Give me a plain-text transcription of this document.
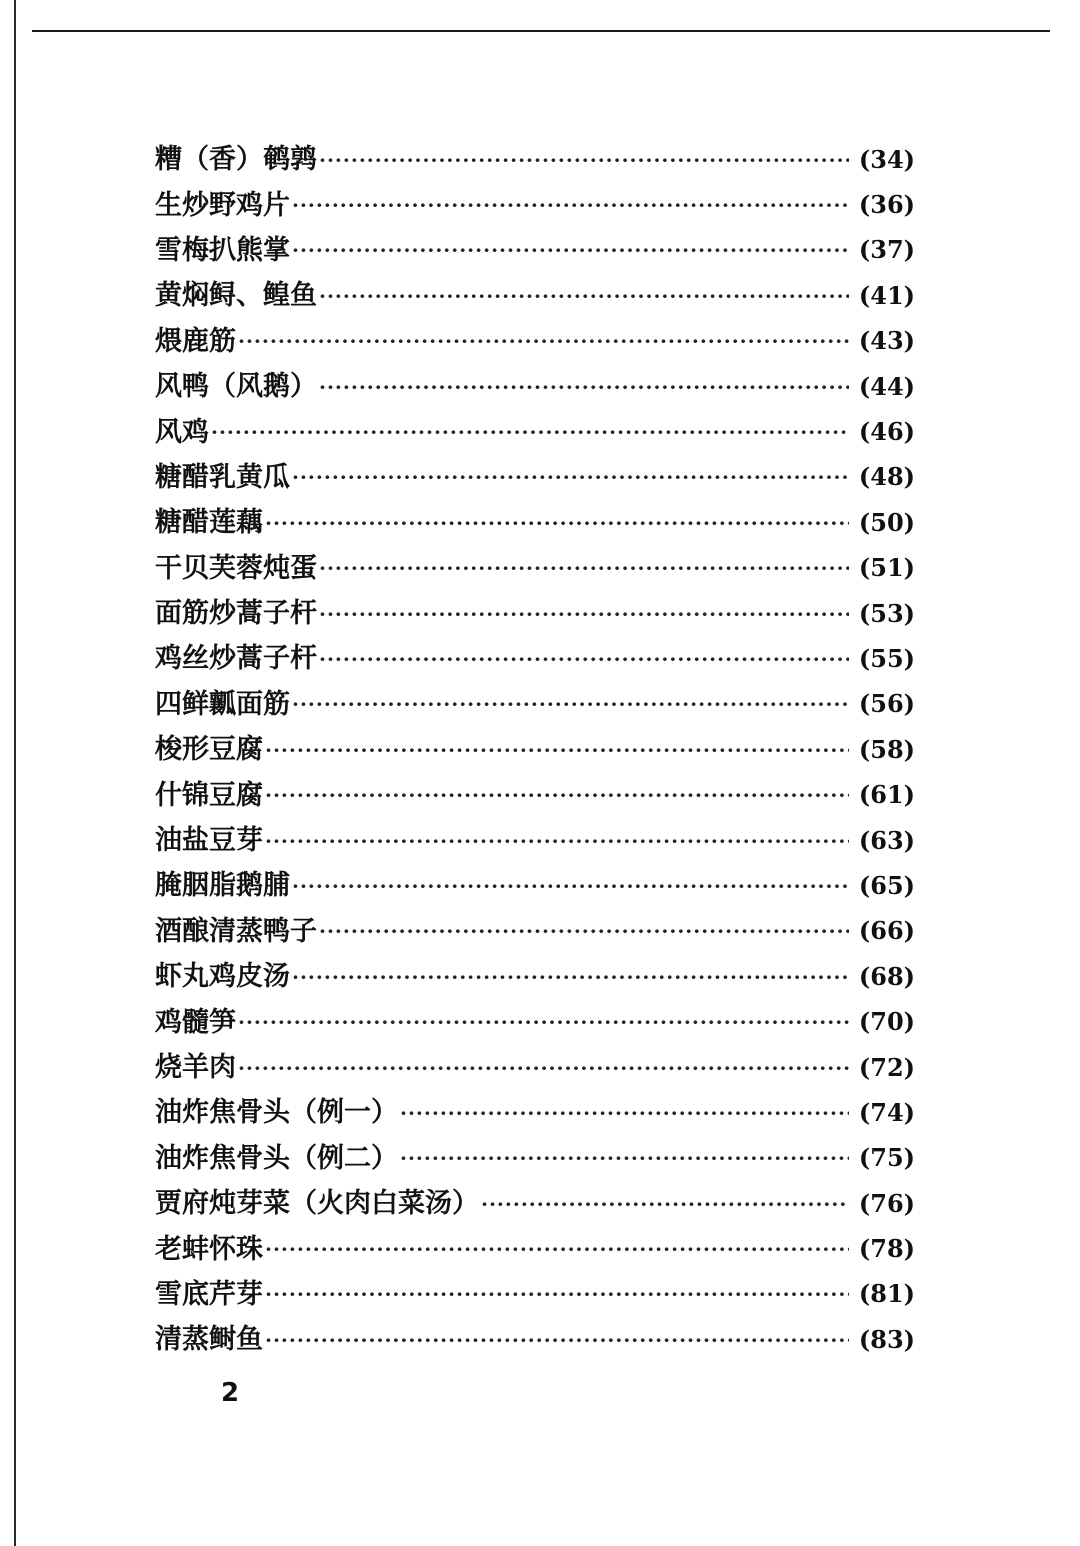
糟（香）鹌鹑 ·····	(34)
生炒野鸡片 ·····	(36)
雪梅扒熊掌 ·····	(37)
黄焖鲟、鳇鱼 ·····	(41)
煨鹿筋 ·····	(43)
风鸭（风鹅） ·····	(44)
风鸡 ·····	(46)
糖醋乳黄瓜 ·····	(48)
糖醋莲藕 ·····	(50)
干贝芙蓉炖蛋 ·····	(51)
面筋炒蒿子杆 ·····	(53)
鸡丝炒蒿子杆 ·····	(55)
四鲜瓤面筋 ·····	(56)
梭形豆腐 ·····	(58)
什锦豆腐 ·····	(61)
油盐豆芽 ·····	(63)
腌胭脂鹅脯 ·····	(65)
酒酿清蒸鸭子 ·····	(66)
虾丸鸡皮汤 ·····	(68)
鸡髓笋 ·····	(70)
烧羊肉 ·····	(72)
油炸焦骨头（例一） ·····	(74)
油炸焦骨头（例二） ·····	(75)
贾府炖芽菜（火肉白菜汤） ·····	(76)
老蚌怀珠 ·····	(78)
雪底芹芽 ·····	(81)
清蒸鲥鱼 ·····	(83)
2
